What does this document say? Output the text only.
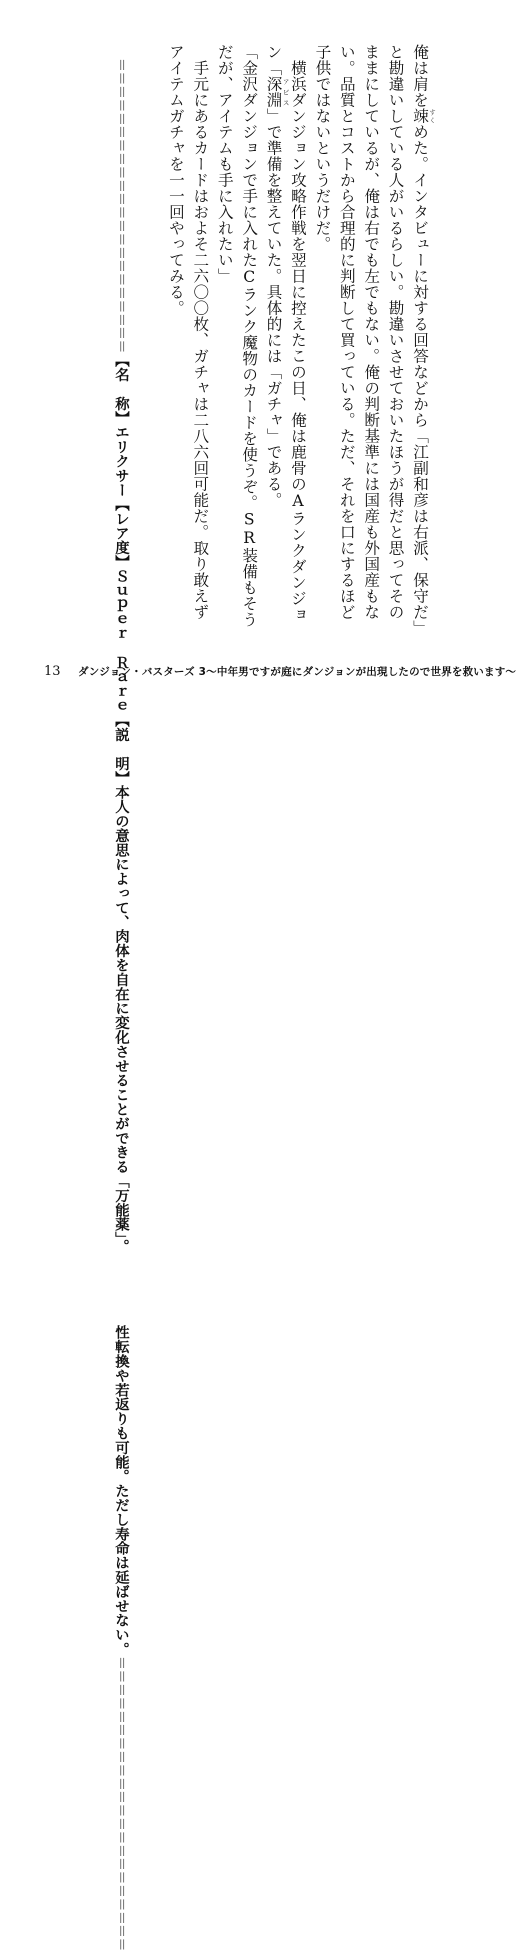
俺は肩を竦 すくめた。インタビューに対する回答などから「江副和彦は右派、保守だ」と勘違いしている人がいるらしい。勘違いさせておいたほうが得だと思ってそのままにしているが、俺は右でも左でもない。俺の判断基準には国産も外国産もない。品質とコストから合理的に判断して買っている。ただ、それを口にするほど子供ではないというだけだ。

横浜ダンジョン攻略作戦を翌日に控えたこの日、俺は鹿骨のAランクダンジョン「深淵 アビス」で準備を整えていた。具体的には「ガチャ」である。

「金沢ダンジョンで手に入れたCランク魔物のカードを使うぞ。SR装備もそうだが、アイテムも手に入れたい」

手元にあるカードはおよそ二六〇〇枚、ガチャは二八六回可能だ。取り敢えずアイテムガチャを一一回やってみる。

＝＝＝＝＝＝＝＝＝＝＝＝＝＝＝＝＝＝＝＝＝＝
【名　称】エリクサー
【レア度】Ｓｕｐｅｒ　Ｒａｒｅ
【説　明】本人の意思によって、肉体を自在に変化させることができる「万能薬」。
性転換や若返りも可能。ただし寿命は延ばせない。
＝＝＝＝＝＝＝＝＝＝＝＝＝＝＝＝＝＝＝＝＝＝
13 ダンジョン・バスターズ 3〜中年男ですが庭にダンジョンが出現したので世界を救います〜
